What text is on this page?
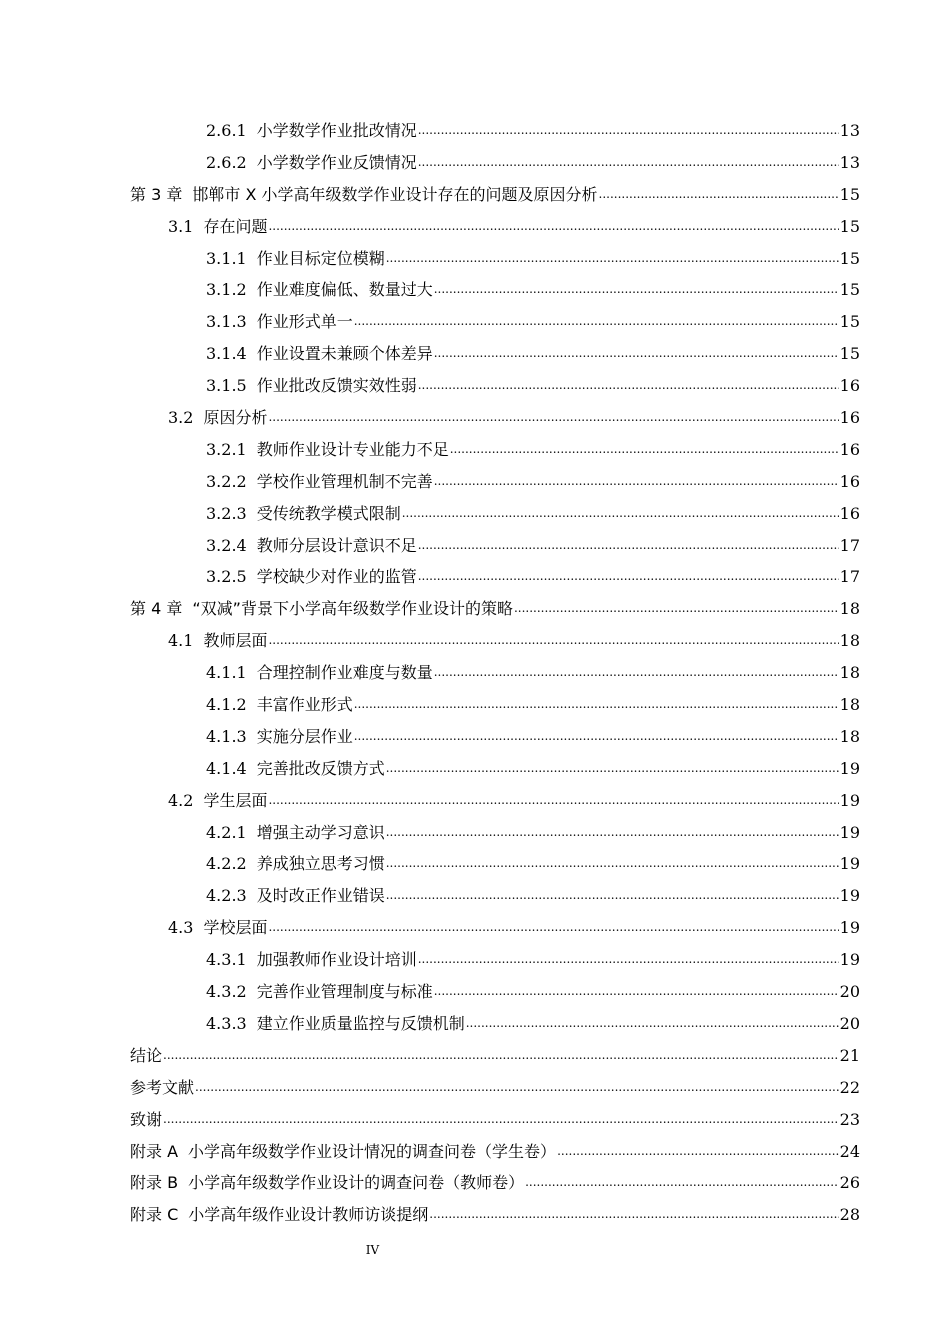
2.6.1 小学数学作业批改情况 .....	13
2.6.2 小学数学作业反馈情况 .....	13
第 3 章 邯郸市 X 小学高年级数学作业设计存在的问题及原因分析 .....	15
3.1 存在问题 .....	15
3.1.1 作业目标定位模糊 .....	15
3.1.2 作业难度偏低、数量过大 .....	15
3.1.3 作业形式单一 .....	15
3.1.4 作业设置未兼顾个体差异 .....	15
3.1.5 作业批改反馈实效性弱 .....	16
3.2 原因分析 .....	16
3.2.1 教师作业设计专业能力不足 .....	16
3.2.2 学校作业管理机制不完善 .....	16
3.2.3 受传统教学模式限制 .....	16
3.2.4 教师分层设计意识不足 .....	17
3.2.5 学校缺少对作业的监管 .....	17
第 4 章 “双减”背景下小学高年级数学作业设计的策略 .....	18
4.1 教师层面 .....	18
4.1.1 合理控制作业难度与数量 .....	18
4.1.2 丰富作业形式 .....	18
4.1.3 实施分层作业 .....	18
4.1.4 完善批改反馈方式 .....	19
4.2 学生层面 .....	19
4.2.1 增强主动学习意识 .....	19
4.2.2 养成独立思考习惯 .....	19
4.2.3 及时改正作业错误 .....	19
4.3 学校层面 .....	19
4.3.1 加强教师作业设计培训 .....	19
4.3.2 完善作业管理制度与标准 .....	20
4.3.3 建立作业质量监控与反馈机制 .....	20
结论 .....	21
参考文献 .....	22
致谢 .....	23
附录 A 小学高年级数学作业设计情况的调查问卷（学生卷） .....	24
附录 B 小学高年级数学作业设计的调查问卷（教师卷） .....	26
附录 C 小学高年级作业设计教师访谈提纲 .....	28
IV
